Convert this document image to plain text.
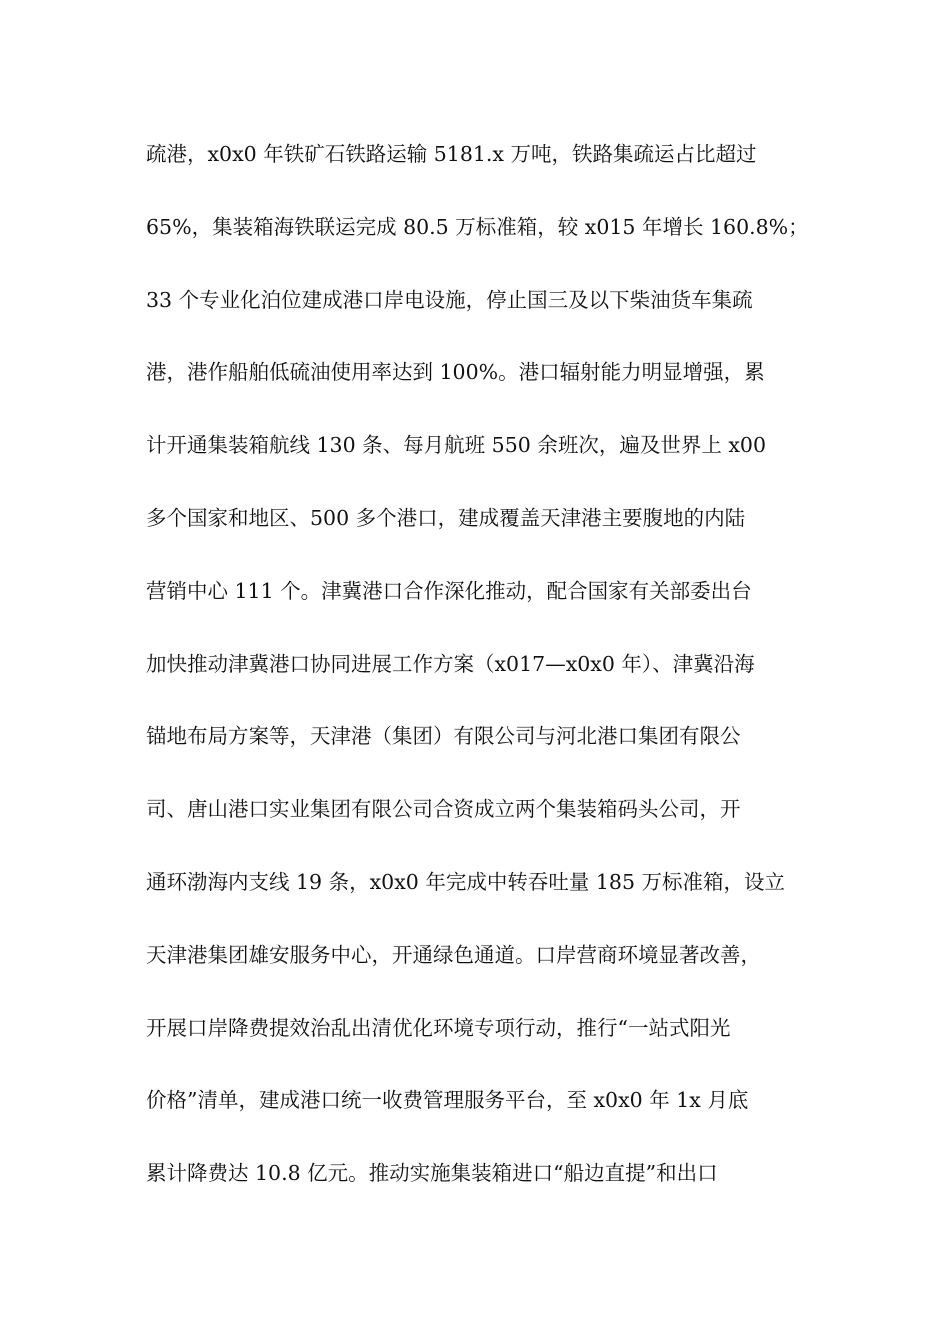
疏港，x0x0 年铁矿石铁路运输 5181.x 万吨，铁路集疏运占比超过
65%，集装箱海铁联运完成 80.5 万标准箱，较 x015 年增长 160.8%；
33 个专业化泊位建成港口岸电设施，停止国三及以下柴油货车集疏
港，港作船舶低硫油使用率达到 100%。港口辐射能力明显增强，累
计开通集装箱航线 130 条、每月航班 550 余班次，遍及世界上 x00
多个国家和地区、500 多个港口，建成覆盖天津港主要腹地的内陆
营销中心 111 个。津冀港口合作深化推动，配合国家有关部委出台
加快推动津冀港口协同进展工作方案（x017—x0x0 年）、津冀沿海
锚地布局方案等，天津港（集团）有限公司与河北港口集团有限公
司、唐山港口实业集团有限公司合资成立两个集装箱码头公司，开
通环渤海内支线 19 条，x0x0 年完成中转吞吐量 185 万标准箱，设立
天津港集团雄安服务中心，开通绿色通道。口岸营商环境显著改善，
开展口岸降费提效治乱出清优化环境专项行动，推行“一站式阳光
价格”清单，建成港口统一收费管理服务平台，至 x0x0 年 1x 月底
累计降费达 10.8 亿元。推动实施集装箱进口“船边直提”和出口
